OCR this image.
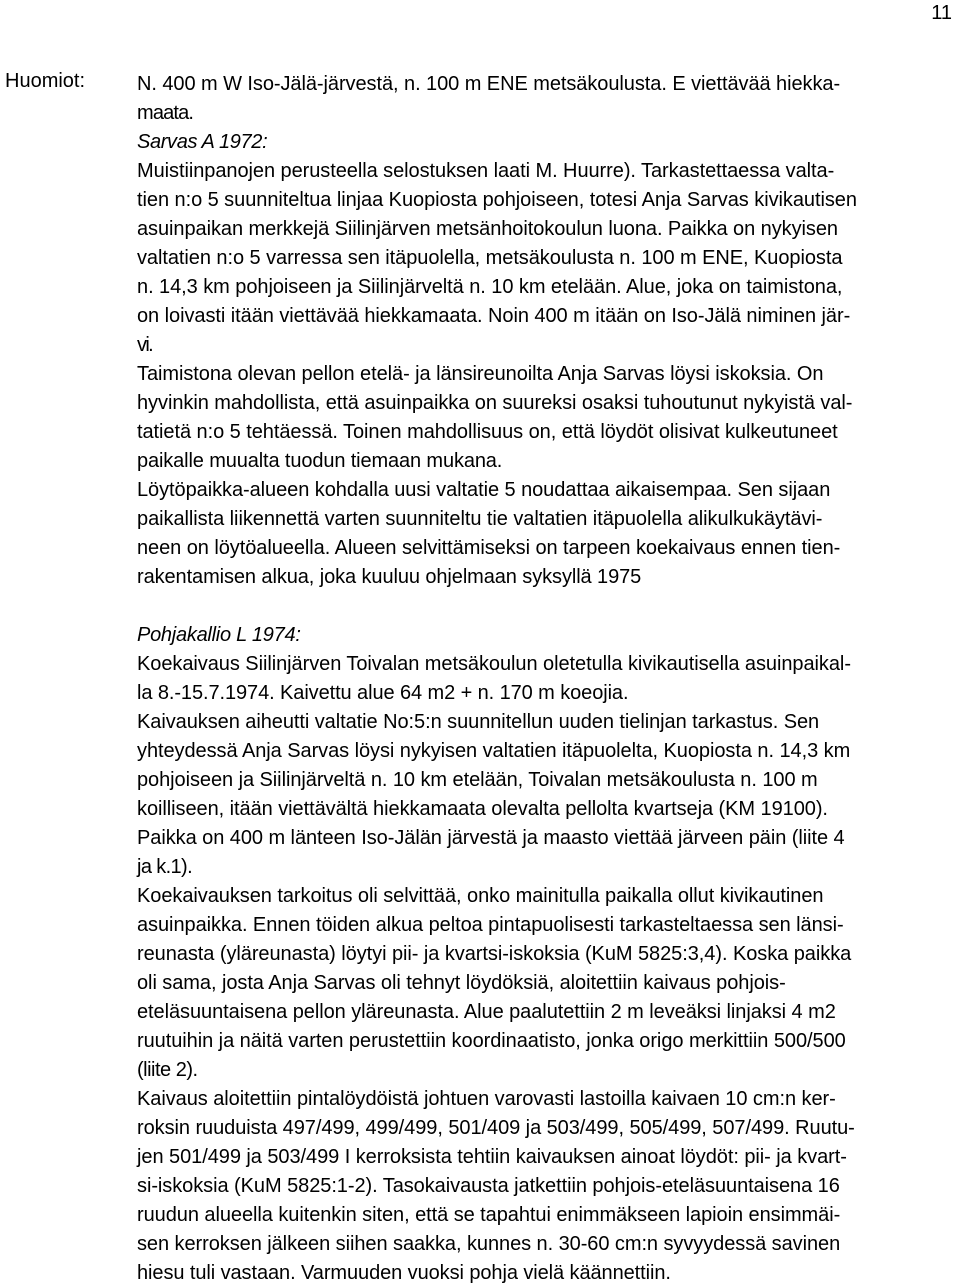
11
Huomiot:	N. 400 m W Iso-Jälä-järvestä, n. 100 m ENE metsäkoulusta. E viettävää hiekka-
maata.
Sarvas A 1972:
Muistiinpanojen perusteella selostuksen laati M. Huurre). Tarkastettaessa valta-
tien n:o 5 suunniteltua linjaa Kuopiosta pohjoiseen, totesi Anja Sarvas kivikautisen
asuinpaikan merkkejä Siilinjärven metsänhoitokoulun luona. Paikka on nykyisen
valtatien n:o 5 varressa sen itäpuolella, metsäkoulusta n. 100 m ENE, Kuopiosta
n. 14,3 km pohjoiseen ja Siilinjärveltä n. 10 km etelään. Alue, joka on taimistona,
on loivasti itään viettävää hiekkamaata. Noin 400 m itään on Iso-Jälä niminen jär-
vi.
Taimistona olevan pellon etelä- ja länsireunoilta Anja Sarvas löysi iskoksia. On
hyvinkin mahdollista, että asuinpaikka on suureksi osaksi tuhoutunut nykyistä val-
tatietä n:o 5 tehtäessä. Toinen mahdollisuus on, että löydöt olisivat kulkeutuneet
paikalle muualta tuodun tiemaan mukana.
Löytöpaikka-alueen kohdalla uusi valtatie 5 noudattaa aikaisempaa. Sen sijaan
paikallista liikennettä varten suunniteltu tie valtatien itäpuolella alikulkukäytävi-
neen on löytöalueella. Alueen selvittämiseksi on tarpeen koekaivaus ennen tien-
rakentamisen alkua, joka kuuluu ohjelmaan syksyllä 1975
Pohjakallio L 1974:
Koekaivaus Siilinjärven Toivalan metsäkoulun oletetulla kivikautisella asuinpaikal-
la 8.-15.7.1974. Kaivettu alue 64 m2 + n. 170 m koeojia.
Kaivauksen aiheutti valtatie No:5:n suunnitellun uuden tielinjan tarkastus. Sen
yhteydessä Anja Sarvas löysi nykyisen valtatien itäpuolelta, Kuopiosta n. 14,3 km
pohjoiseen ja Siilinjärveltä n. 10 km etelään, Toivalan metsäkoulusta n. 100 m
koilliseen, itään viettävältä hiekkamaata olevalta pellolta kvartseja (KM 19100).
Paikka on 400 m länteen Iso-Jälän järvestä ja maasto viettää järveen päin (liite 4
ja k.1).
Koekaivauksen tarkoitus oli selvittää, onko mainitulla paikalla ollut kivikautinen
asuinpaikka. Ennen töiden alkua peltoa pintapuolisesti tarkasteltaessa sen länsi-
reunasta (yläreunasta) löytyi pii- ja kvartsi-iskoksia (KuM 5825:3,4). Koska paikka
oli sama, josta Anja Sarvas oli tehnyt löydöksiä, aloitettiin kaivaus pohjois-
eteläsuuntaisena pellon yläreunasta. Alue paalutettiin 2 m leveäksi linjaksi 4 m2
ruutuihin ja näitä varten perustettiin koordinaatisto, jonka origo merkittiin 500/500
(liite 2).
Kaivaus aloitettiin pintalöydöistä johtuen varovasti lastoilla kaivaen 10 cm:n ker-
roksin ruuduista 497/499, 499/499, 501/409 ja 503/499, 505/499, 507/499. Ruutu-
jen 501/499 ja 503/499 I kerroksista tehtiin kaivauksen ainoat löydöt: pii- ja kvart-
si-iskoksia (KuM 5825:1-2). Tasokaivausta jatkettiin pohjois-eteläsuuntaisena 16
ruudun alueella kuitenkin siten, että se tapahtui enimmäkseen lapioin ensimmäi-
sen kerroksen jälkeen siihen saakka, kunnes n. 30-60 cm:n syvyydessä savinen
hiesu tuli vastaan. Varmuuden vuoksi pohja vielä käännettiin.
